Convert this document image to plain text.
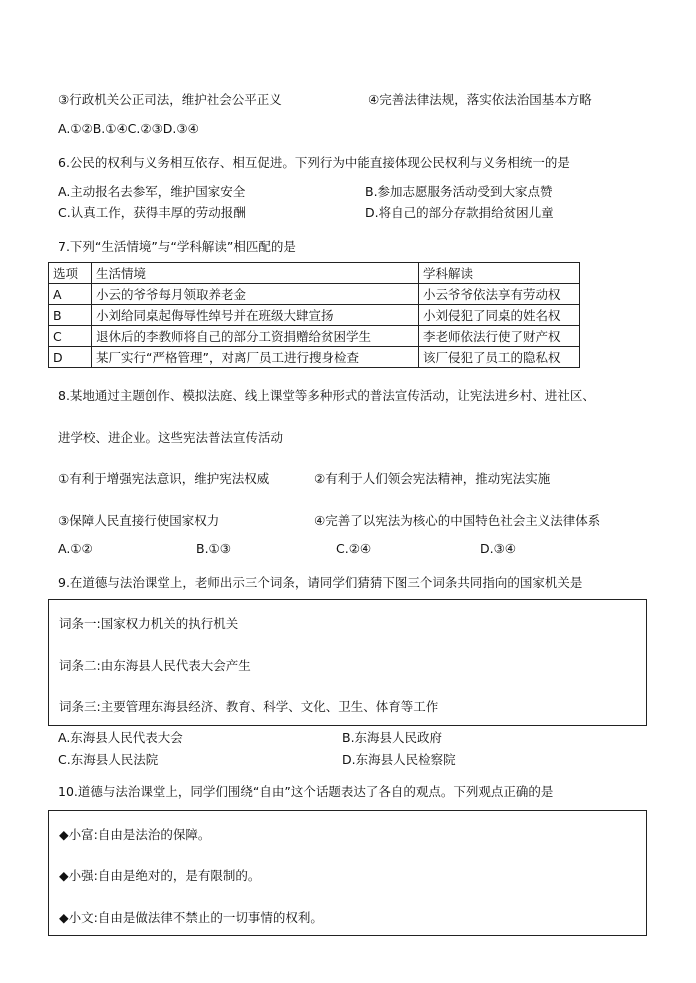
③行政机关公正司法，维护社会公平正义	④完善法律法规，落实依法治国基本方略
A.①②B.①④C.②③D.③④
6.公民的权利与义务相互依存、相互促进。下列行为中能直接体现公民权利与义务相统一的是
A.主动报名去参军，维护国家安全	B.参加志愿服务活动受到大家点赞
C.认真工作，获得丰厚的劳动报酬	D.将自己的部分存款捐给贫困儿童
7.下列“生活情境”与“学科解读”相匹配的是
选项	生活情境	学科解读
A	小云的爷爷每月领取养老金	小云爷爷依法享有劳动权
B	小刘给同桌起侮辱性绰号并在班级大肆宣扬	小刘侵犯了同桌的姓名权
C	退休后的李教师将自己的部分工资捐赠给贫困学生	李老师依法行使了财产权
D	某厂实行“严格管理”，对离厂员工进行搜身检查	该厂侵犯了员工的隐私权
8.某地通过主题创作、模拟法庭、线上课堂等多种形式的普法宣传活动，让宪法进乡村、进社区、
进学校、进企业。这些宪法普法宣传活动
①有利于增强宪法意识，维护宪法权威	②有利于人们领会宪法精神，推动宪法实施
③保障人民直接行使国家权力	④完善了以宪法为核心的中国特色社会主义法律体系
A.①②	B.①③	C.②④	D.③④
9.在道德与法治课堂上，老师出示三个词条，请同学们猜猜下图三个词条共同指向的国家机关是
词条一:国家权力机关的执行机关
词条二:由东海县人民代表大会产生
词条三:主要管理东海县经济、教育、科学、文化、卫生、体育等工作
A.东海县人民代表大会	B.东海县人民政府
C.东海县人民法院	D.东海县人民检察院
10.道德与法治课堂上，同学们围绕“自由”这个话题表达了各自的观点。下列观点正确的是
◆小富:自由是法治的保障。
◆小强:自由是绝对的，是有限制的。
◆小文:自由是做法律不禁止的一切事情的权利。
